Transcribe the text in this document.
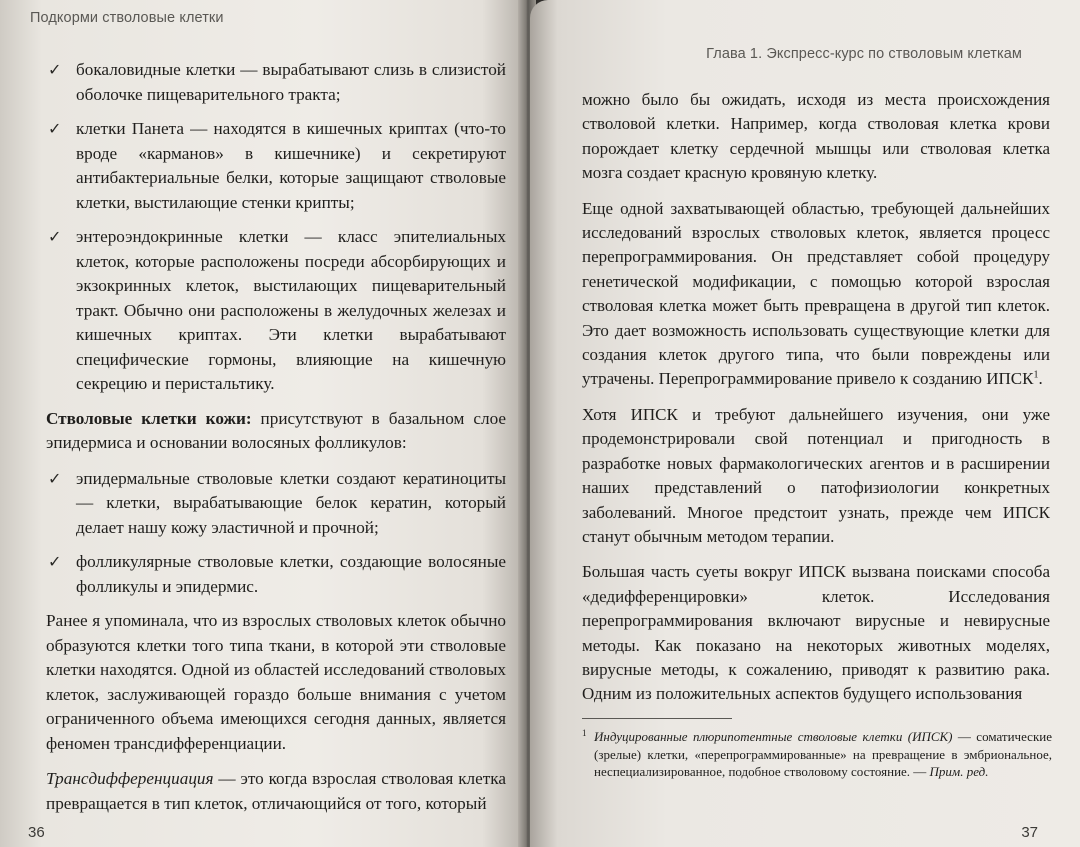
Подкорми стволовые клетки
✓ бокаловидные клетки — вырабатывают слизь в слизистой оболочке пищеварительного тракта;
✓ клетки Панета — находятся в кишечных криптах (что-то вроде «карманов» в кишечнике) и секретируют антибактериальные белки, которые защищают стволовые клетки, выстилающие стенки крипты;
✓ энтероэндокринные клетки — класс эпителиальных клеток, которые расположены посреди абсорбирующих и экзокринных клеток, выстилающих пищеварительный тракт. Обычно они расположены в желудочных железах и кишечных криптах. Эти клетки вырабатывают специфические гормоны, влияющие на кишечную секрецию и перистальтику.

Стволовые клетки кожи: присутствуют в базальном слое эпидермиса и основании волосяных фолликулов:

✓ эпидермальные стволовые клетки создают кератиноциты — клетки, вырабатывающие белок кератин, который делает нашу кожу эластичной и прочной;
✓ фолликулярные стволовые клетки, создающие волосяные фолликулы и эпидермис.

Ранее я упоминала, что из взрослых стволовых клеток обычно образуются клетки того типа ткани, в которой эти стволовые клетки находятся. Одной из областей исследований стволовых клеток, заслуживающей гораздо больше внимания с учетом ограниченного объема имеющихся сегодня данных, является феномен трансдифференциации.

Трансдифференциация — это когда взрослая стволовая клетка превращается в тип клеток, отличающийся от того, который

36
Глава 1. Экспресс-курс по стволовым клеткам

можно было бы ожидать, исходя из места происхождения стволовой клетки. Например, когда стволовая клетка крови порождает клетку сердечной мышцы или стволовая клетка мозга создает красную кровяную клетку.

Еще одной захватывающей областью, требующей дальнейших исследований взрослых стволовых клеток, является процесс перепрограммирования. Он представляет собой процедуру генетической модификации, с помощью которой взрослая стволовая клетка может быть превращена в другой тип клеток. Это дает возможность использовать существующие клетки для создания клеток другого типа, что были повреждены или утрачены. Перепрограммирование привело к созданию ИПСК$^1$.

Хотя ИПСК и требуют дальнейшего изучения, они уже продемонстрировали свой потенциал и пригодность в разработке новых фармакологических агентов и в расширении наших представлений о патофизиологии конкретных заболеваний. Многое предстоит узнать, прежде чем ИПСК станут обычным методом терапии.

Большая часть суеты вокруг ИПСК вызвана поисками способа «дедифференцировки» клеток. Исследования перепрограммирования включают вирусные и невирусные методы. Как показано на некоторых животных моделях, вирусные методы, к сожалению, приводят к развитию рака. Одним из положительных аспектов будущего использования

1 Индуцированные плюрипотентные стволовые клетки (ИПСК) — соматические (зрелые) клетки, «перепрограммированные» на превращение в эмбриональное, неспециализированное, подобное стволовому состояние. — Прим. ред.
37
